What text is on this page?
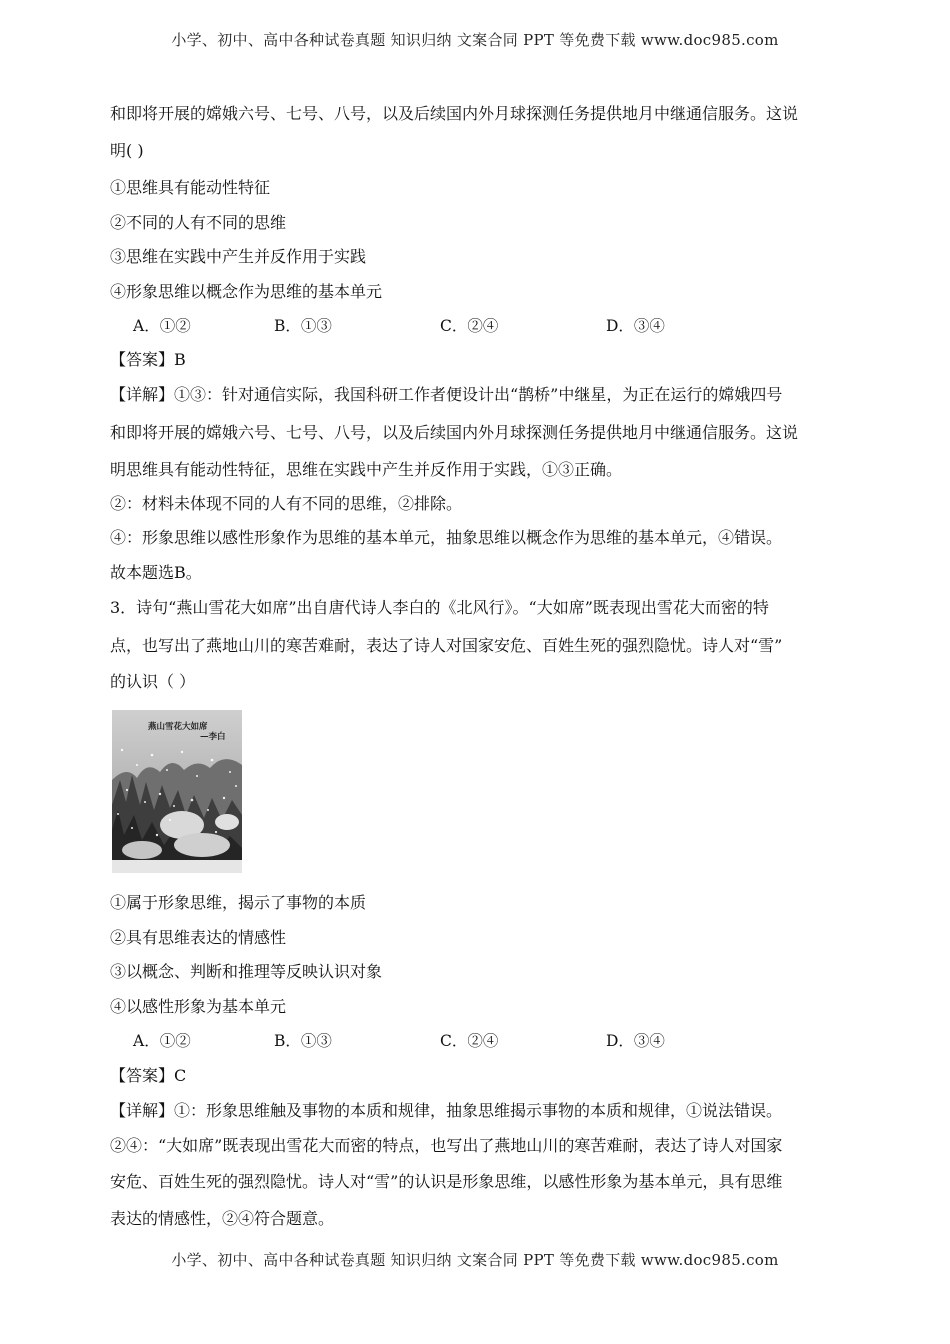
小学、初中、高中各种试卷真题 知识归纳 文案合同 PPT 等免费下载 www.doc985.com
和即将开展的嫦娥六号、七号、八号，以及后续国内外月球探测任务提供地月中继通信服务。这说
明( )
①思维具有能动性特征
②不同的人有不同的思维
③思维在实践中产生并反作用于实践
④形象思维以概念作为思维的基本单元
A．①②	B．①③	C．②④	D．③④
【答案】B
【详解】①③：针对通信实际，我国科研工作者便设计出“鹊桥”中继星，为正在运行的嫦娥四号
和即将开展的嫦娥六号、七号、八号，以及后续国内外月球探测任务提供地月中继通信服务。这说
明思维具有能动性特征，思维在实践中产生并反作用于实践，①③正确。
②：材料未体现不同的人有不同的思维，②排除。
④：形象思维以感性形象作为思维的基本单元，抽象思维以概念作为思维的基本单元，④错误。
故本题选B。
3．诗句“燕山雪花大如席”出自唐代诗人李白的《北风行》。“大如席”既表现出雪花大而密的特
点，也写出了燕地山川的寒苦难耐，表达了诗人对国家安危、百姓生死的强烈隐忧。诗人对“雪”
的认识（ ）
燕山雪花大如席
—李白
①属于形象思维，揭示了事物的本质
②具有思维表达的情感性
③以概念、判断和推理等反映认识对象
④以感性形象为基本单元
A．①②	B．①③	C．②④	D．③④
【答案】C
【详解】①：形象思维触及事物的本质和规律，抽象思维揭示事物的本质和规律，①说法错误。
②④：“大如席”既表现出雪花大而密的特点，也写出了燕地山川的寒苦难耐，表达了诗人对国家
安危、百姓生死的强烈隐忧。诗人对“雪”的认识是形象思维，以感性形象为基本单元，具有思维
表达的情感性，②④符合题意。
小学、初中、高中各种试卷真题 知识归纳 文案合同 PPT 等免费下载 www.doc985.com
